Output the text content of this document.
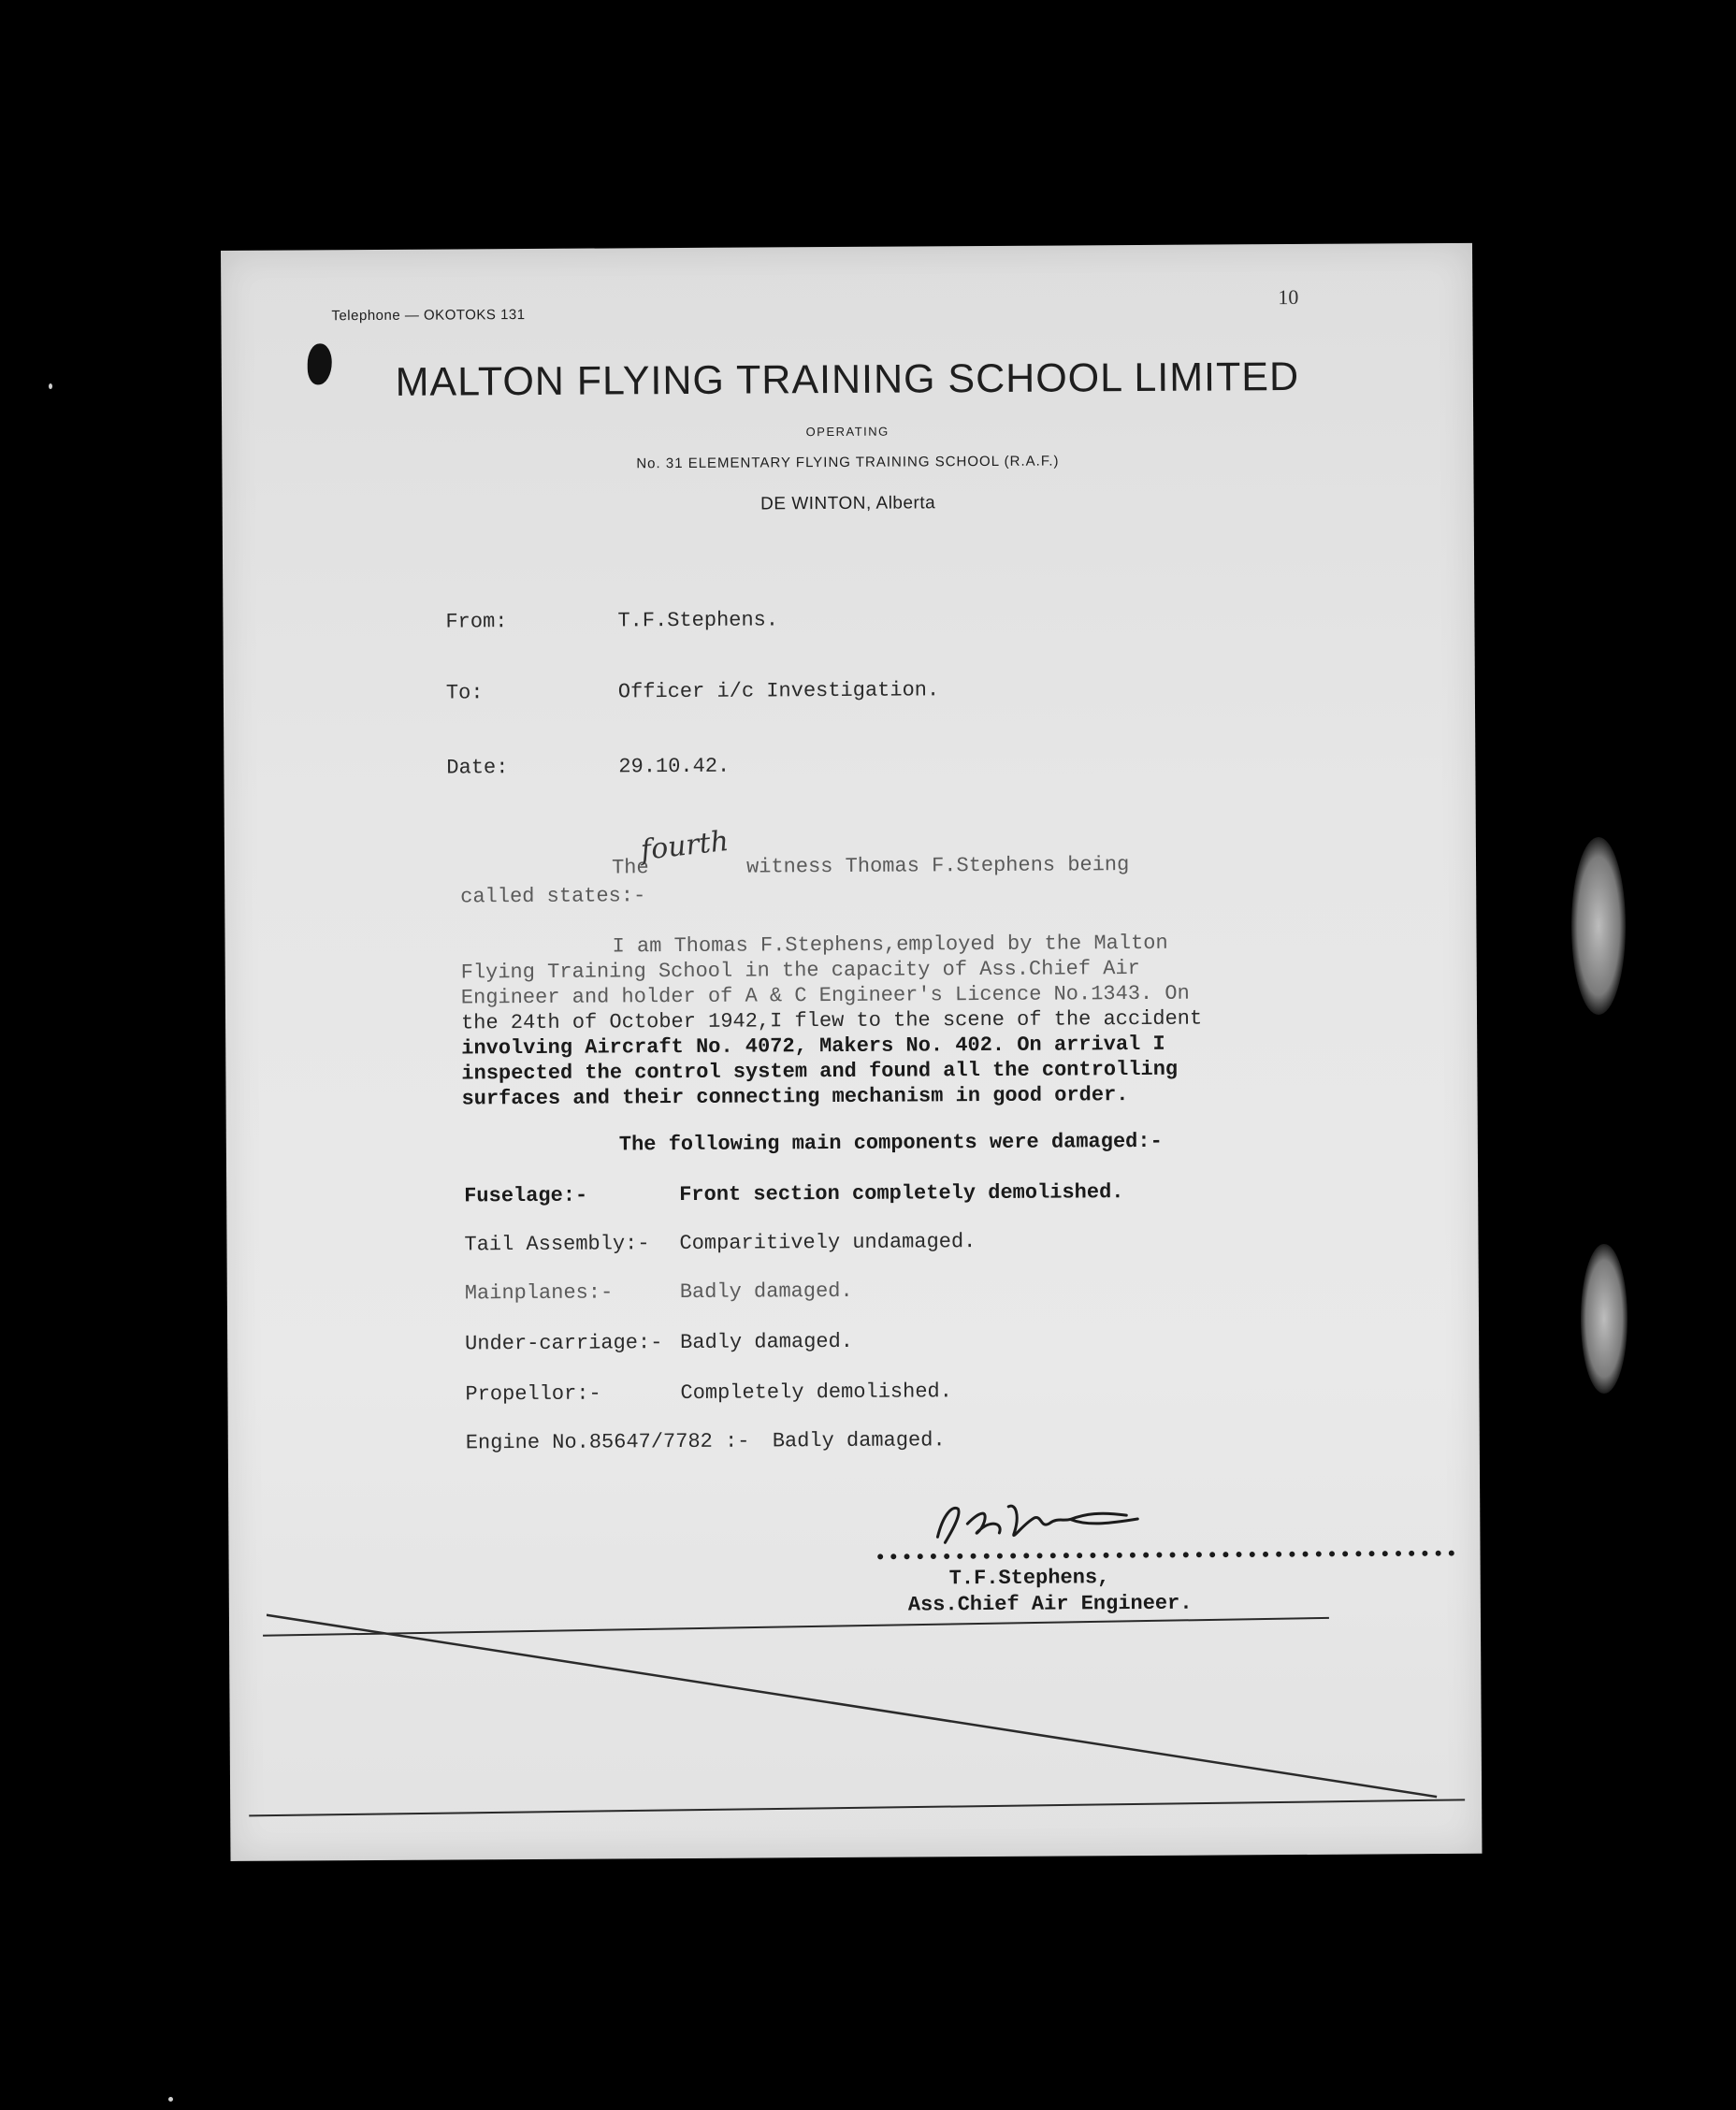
Telephone — OKOTOKS 131
10
MALTON FLYING TRAINING SCHOOL LIMITED
OPERATING
No. 31 ELEMENTARY FLYING TRAINING SCHOOL (R.A.F.)
DE WINTON, Alberta
From:	T.F.Stephens.
To:	Officer i/c Investigation.
Date:	29.10.42.
The
fourth witness Thomas F.Stephens being
called states:-
I am Thomas F.Stephens,employed by the Malton
Flying Training School in the capacity of Ass.Chief Air
Engineer and holder of A & C Engineer's Licence No.1343. On
the 24th of October 1942,I flew to the scene of the accident
involving Aircraft No. 4072, Makers No. 402. On arrival I
inspected the control system and found all the controlling
surfaces and their connecting mechanism in good order.
The following main components were damaged:-
Fuselage:-	Front section completely demolished.
Tail Assembly:- Comparitively undamaged.
Mainplanes:-	Badly damaged.
Under-carriage:- Badly damaged.
Propellor:-	Completely demolished.
Engine No.85647/7782 :- Badly damaged.
••••••••••••••••••••••••••••••••••••••••••••
T.F.Stephens,
Ass.Chief Air Engineer.
